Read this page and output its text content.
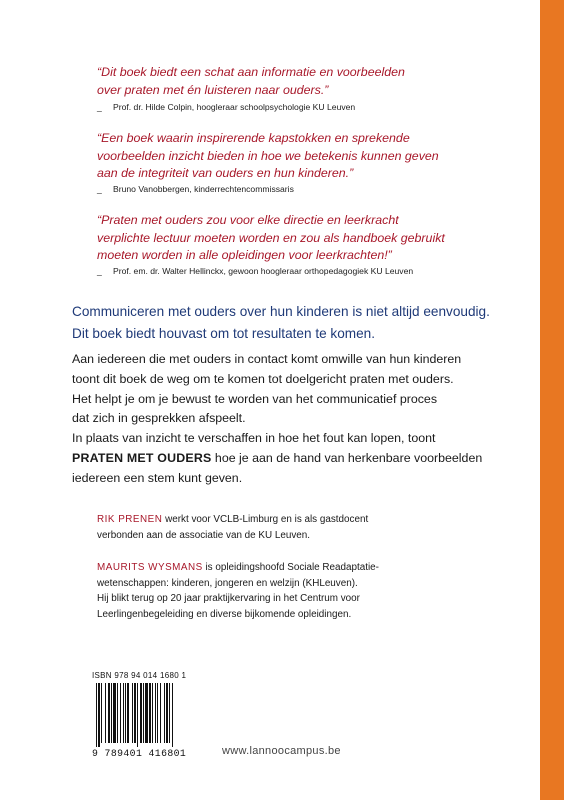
“Dit boek biedt een schat aan informatie en voorbeelden
over praten met én luisteren naar ouders.”
_ Prof. dr. Hilde Colpin, hoogleraar schoolpsychologie KU Leuven
“Een boek waarin inspirerende kapstokken en sprekende
voorbeelden inzicht bieden in hoe we betekenis kunnen geven
aan de integriteit van ouders en hun kinderen.”
_ Bruno Vanobbergen, kinderrechtencommissaris
“Praten met ouders zou voor elke directie en leerkracht
verplichte lectuur moeten worden en zou als handboek gebruikt
moeten worden in alle opleidingen voor leerkrachten!”
_ Prof. em. dr. Walter Hellinckx, gewoon hoogleraar orthopedagogiek KU Leuven
Communiceren met ouders over hun kinderen is niet altijd eenvoudig.
Dit boek biedt houvast om tot resultaten te komen.
Aan iedereen die met ouders in contact komt omwille van hun kinderen
toont dit boek de weg om te komen tot doelgericht praten met ouders.
Het helpt je om je bewust te worden van het communicatief proces
dat zich in gesprekken afspeelt.
In plaats van inzicht te verschaffen in hoe het fout kan lopen, toont
PRATEN MET OUDERS hoe je aan de hand van herkenbare voorbeelden
iedereen een stem kunt geven.
RIK PRENEN werkt voor VCLB-Limburg en is als gastdocent
verbonden aan de associatie van de KU Leuven.
MAURITS WYSMANS is opleidingshoofd Sociale Readaptatie-
wetenschappen: kinderen, jongeren en welzijn (KHLeuven).
Hij blikt terug op 20 jaar praktijkervaring in het Centrum voor
Leerlingenbegeleiding en diverse bijkomende opleidingen.
ISBN 978 94 014 1680 1
9 789401 416801	www.lannoocampus.be
